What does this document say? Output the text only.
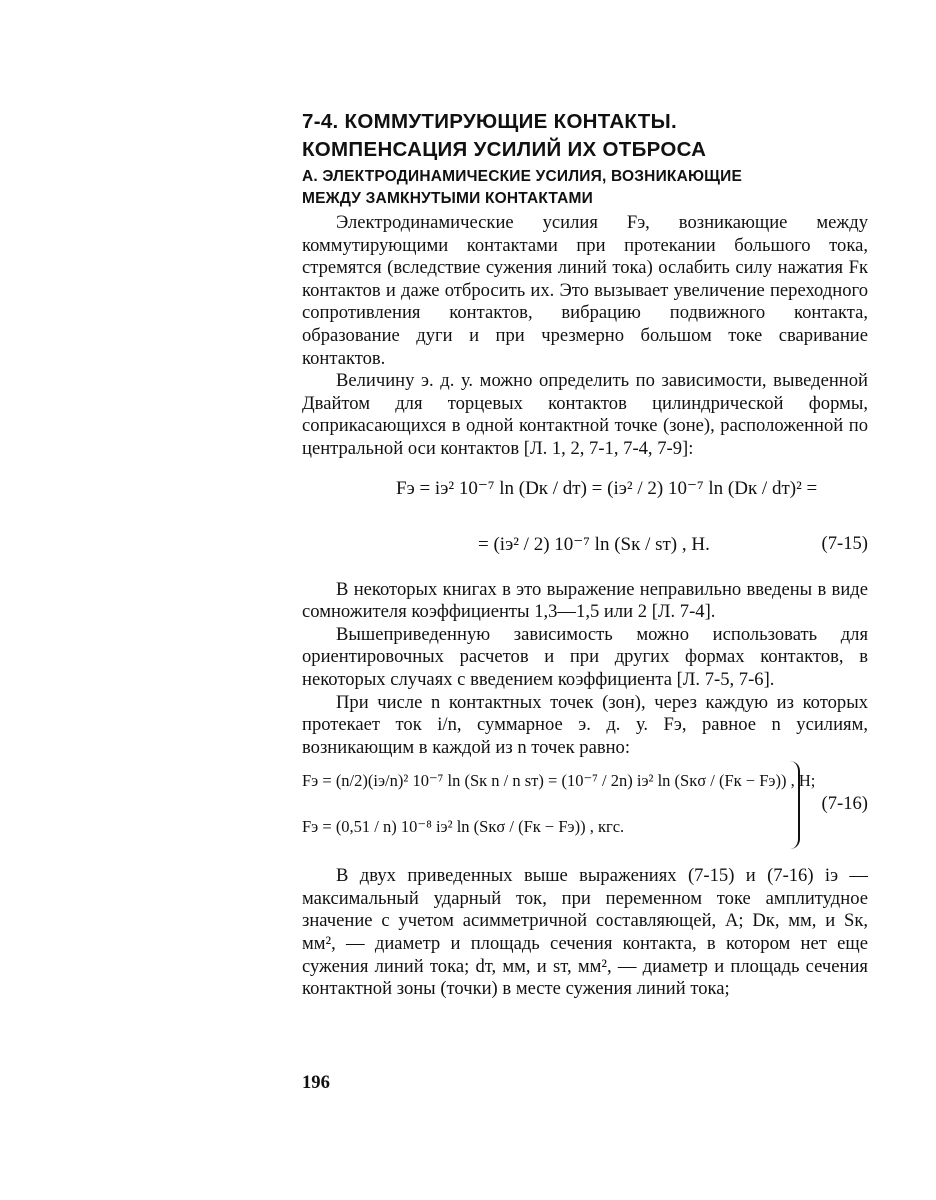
7-4. КОММУТИРУЮЩИЕ КОНТАКТЫ.
КОМПЕНСАЦИЯ УСИЛИЙ ИХ ОТБРОСА
А. ЭЛЕКТРОДИНАМИЧЕСКИЕ УСИЛИЯ, ВОЗНИКАЮЩИЕ
МЕЖДУ ЗАМКНУТЫМИ КОНТАКТАМИ

Электродинамические усилия Fэ, возникающие между коммутирующими контактами при протекании большого тока, стремятся (вследствие сужения линий тока) ослабить силу нажатия Fк контактов и даже отбросить их. Это вызывает увеличение переходного сопротивления контактов, вибрацию подвижного контакта, образование дуги и при чрезмерно большом токе сваривание контактов.

Величину э. д. у. можно определить по зависимости, выведенной Двайтом для торцевых контактов цилиндрической формы, соприкасающихся в одной контактной точке (зоне), расположенной по центральной оси контактов [Л. 1, 2, 7-1, 7-4, 7-9]:

Fэ = iэ² 10⁻⁷ ln (Dк / dт) = (iэ² / 2) 10⁻⁷ ln (Dк / dт)² =
= (iэ² / 2) 10⁻⁷ ln (Sк / sт) , Н.	(7-15)

В некоторых книгах в это выражение неправильно введены в виде сомножителя коэффициенты 1,3—1,5 или 2 [Л. 7-4].

Вышеприведенную зависимость можно использовать для ориентировочных расчетов и при других формах контактов, в некоторых случаях с введением коэффициента [Л. 7-5, 7-6].

При числе n контактных точек (зон), через каждую из которых протекает ток i/n, суммарное э. д. у. Fэ, равное n усилиям, возникающим в каждой из n точек равно:

Fэ = (n/2)(iэ/n)² 10⁻⁷ ln (Sк n / n sт) = (10⁻⁷ / 2n) iэ² ln (Sкσ / (Fк − Fэ)) , Н;
Fэ = (0,51 / n) 10⁻⁸ iэ² ln (Sкσ / (Fк − Fэ)) , кгс.
(7-16)

В двух приведенных выше выражениях (7-15) и (7-16) iэ — максимальный ударный ток, при переменном токе амплитудное значение с учетом асимметричной составляющей, А; Dк, мм, и Sк, мм², — диаметр и площадь сечения контакта, в котором нет еще сужения линий тока; dт, мм, и sт, мм², — диаметр и площадь сечения контактной зоны (точки) в месте сужения линий тока;

196
